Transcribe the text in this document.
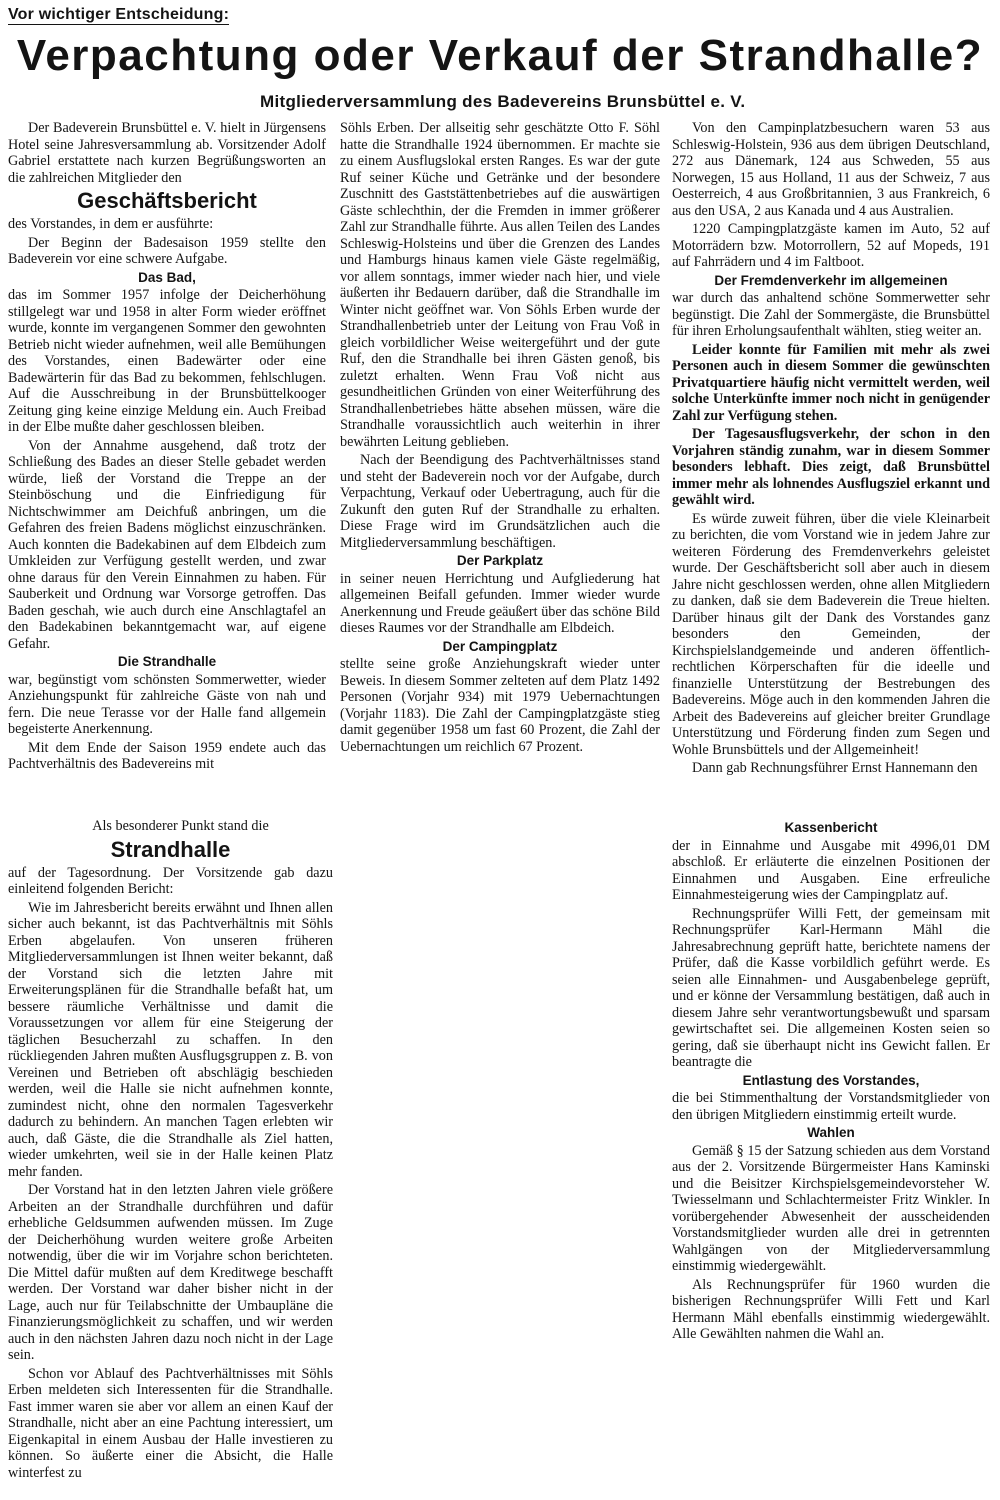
Vor wichtiger Entscheidung:
Verpachtung oder Verkauf der Strandhalle?
Mitgliederversammlung des Badevereins Brunsbüttel e. V.

Der Badeverein Brunsbüttel e. V. hielt in Jürgensens Hotel seine Jahresversammlung ab. Vorsitzender Adolf Gabriel erstattete nach kurzen Begrüßungsworten an die zahlreichen Mitglieder den

Geschäftsbericht

des Vorstandes, in dem er ausführte:

Der Beginn der Badesaison 1959 stellte den Badeverein vor eine schwere Aufgabe.

Das Bad,

das im Sommer 1957 infolge der Deicherhöhung stillgelegt war und 1958 in alter Form wieder eröffnet wurde, konnte im vergangenen Sommer den gewohnten Betrieb nicht wieder aufnehmen, weil alle Bemühungen des Vorstandes, einen Badewärter oder eine Badewärterin für das Bad zu bekommen, fehlschlugen. Auf die Ausschreibung in der Brunsbüttelkooger Zeitung ging keine einzige Meldung ein. Auch Freibad in der Elbe mußte daher geschlossen bleiben.

Von der Annahme ausgehend, daß trotz der Schließung des Bades an dieser Stelle gebadet werden würde, ließ der Vorstand die Treppe an der Steinböschung und die Einfriedigung für Nichtschwimmer am Deichfuß anbringen, um die Gefahren des freien Badens möglichst einzuschränken. Auch konnten die Badekabinen auf dem Elbdeich zum Umkleiden zur Verfügung gestellt werden, und zwar ohne daraus für den Verein Einnahmen zu haben. Für Sauberkeit und Ordnung war Vorsorge getroffen. Das Baden geschah, wie auch durch eine Anschlagtafel an den Badekabinen bekanntgemacht war, auf eigene Gefahr.

Die Strandhalle

war, begünstigt vom schönsten Sommerwetter, wieder Anziehungspunkt für zahlreiche Gäste von nah und fern. Die neue Terasse vor der Halle fand allgemein begeisterte Anerkennung.

Mit dem Ende der Saison 1959 endete auch das Pachtverhältnis des Badevereins mit

Söhls Erben. Der allseitig sehr geschätzte Otto F. Söhl hatte die Strandhalle 1924 übernommen. Er machte sie zu einem Ausflugslokal ersten Ranges. Es war der gute Ruf seiner Küche und Getränke und der besondere Zuschnitt des Gaststättenbetriebes auf die auswärtigen Gäste schlechthin, der die Fremden in immer größerer Zahl zur Strandhalle führte. Aus allen Teilen des Landes Schleswig-Holsteins und über die Grenzen des Landes und Hamburgs hinaus kamen viele Gäste regelmäßig, vor allem sonntags, immer wieder nach hier, und viele äußerten ihr Bedauern darüber, daß die Strandhalle im Winter nicht geöffnet war. Von Söhls Erben wurde der Strandhallenbetrieb unter der Leitung von Frau Voß in gleich vorbildlicher Weise weitergeführt und der gute Ruf, den die Strandhalle bei ihren Gästen genoß, bis zuletzt erhalten. Wenn Frau Voß nicht aus gesundheitlichen Gründen von einer Weiterführung des Strandhallenbetriebes hätte absehen müssen, wäre die Strandhalle voraussichtlich auch weiterhin in ihrer bewährten Leitung geblieben.

Nach der Beendigung des Pachtverhältnisses stand und steht der Badeverein noch vor der Aufgabe, durch Verpachtung, Verkauf oder Uebertragung, auch für die Zukunft den guten Ruf der Strandhalle zu erhalten. Diese Frage wird im Grundsätzlichen auch die Mitgliederversammlung beschäftigen.

Der Parkplatz

in seiner neuen Herrichtung und Aufgliederung hat allgemeinen Beifall gefunden. Immer wieder wurde Anerkennung und Freude geäußert über das schöne Bild dieses Raumes vor der Strandhalle am Elbdeich.

Der Campingplatz

stellte seine große Anziehungskraft wieder unter Beweis. In diesem Sommer zelteten auf dem Platz 1492 Personen (Vorjahr 934) mit 1979 Uebernachtungen (Vorjahr 1183). Die Zahl der Campingplatzgäste stieg damit gegenüber 1958 um fast 60 Prozent, die Zahl der Uebernachtungen um reichlich 67 Prozent.

Von den Campinplatzbesuchern waren 53 aus Schleswig-Holstein, 936 aus dem übrigen Deutschland, 272 aus Dänemark, 124 aus Schweden, 55 aus Norwegen, 15 aus Holland, 11 aus der Schweiz, 7 aus Oesterreich, 4 aus Großbritannien, 3 aus Frankreich, 6 aus den USA, 2 aus Kanada und 4 aus Australien.

1220 Campingplatzgäste kamen im Auto, 52 auf Motorrädern bzw. Motorrollern, 52 auf Mopeds, 191 auf Fahrrädern und 4 im Faltboot.

Der Fremdenverkehr im allgemeinen

war durch das anhaltend schöne Sommerwetter sehr begünstigt. Die Zahl der Sommergäste, die Brunsbüttel für ihren Erholungsaufenthalt wählten, stieg weiter an.

Leider konnte für Familien mit mehr als zwei Personen auch in diesem Sommer die gewünschten Privatquartiere häufig nicht vermittelt werden, weil solche Unterkünfte immer noch nicht in genügender Zahl zur Verfügung stehen.

Der Tagesausflugsverkehr, der schon in den Vorjahren ständig zunahm, war in diesem Sommer besonders lebhaft. Dies zeigt, daß Brunsbüttel immer mehr als lohnendes Ausflugsziel erkannt und gewählt wird.

Es würde zuweit führen, über die viele Kleinarbeit zu berichten, die vom Vorstand wie in jedem Jahre zur weiteren Förderung des Fremdenverkehrs geleistet wurde. Der Geschäftsbericht soll aber auch in diesem Jahre nicht geschlossen werden, ohne allen Mitgliedern zu danken, daß sie dem Badeverein die Treue hielten. Darüber hinaus gilt der Dank des Vorstandes ganz besonders den Gemeinden, der Kirchspielslandgemeinde und anderen öffentlich-rechtlichen Körperschaften für die ideelle und finanzielle Unterstützung der Bestrebungen des Badevereins. Möge auch in den kommenden Jahren die Arbeit des Badevereins auf gleicher breiter Grundlage Unterstützung und Förderung finden zum Segen und Wohle Brunsbüttels und der Allgemeinheit!

Dann gab Rechnungsführer Ernst Hannemann den

Als besonderer Punkt stand die

Strandhalle

auf der Tagesordnung. Der Vorsitzende gab dazu einleitend folgenden Bericht:

Wie im Jahresbericht bereits erwähnt und Ihnen allen sicher auch bekannt, ist das Pachtverhältnis mit Söhls Erben abgelaufen. Von unseren früheren Mitgliederversammlungen ist Ihnen weiter bekannt, daß der Vorstand sich die letzten Jahre mit Erweiterungsplänen für die Strandhalle befaßt hat, um bessere räumliche Verhältnisse und damit die Voraussetzungen vor allem für eine Steigerung der täglichen Besucherzahl zu schaffen. In den rückliegenden Jahren mußten Ausflugsgruppen z. B. von Vereinen und Betrieben oft abschlägig beschieden werden, weil die Halle sie nicht aufnehmen konnte, zumindest nicht, ohne den normalen Tagesverkehr dadurch zu behindern. An manchen Tagen erlebten wir auch, daß Gäste, die die Strandhalle als Ziel hatten, wieder umkehrten, weil sie in der Halle keinen Platz mehr fanden.

Der Vorstand hat in den letzten Jahren viele größere Arbeiten an der Strandhalle durchführen und dafür erhebliche Geldsummen aufwenden müssen. Im Zuge der Deicherhöhung wurden weitere große Arbeiten notwendig, über die wir im Vorjahre schon berichteten. Die Mittel dafür mußten auf dem Kreditwege beschafft werden. Der Vorstand war daher bisher nicht in der Lage, auch nur für Teilabschnitte der Umbaupläne die Finanzierungsmöglichkeit zu schaffen, und wir werden auch in den nächsten Jahren dazu noch nicht in der Lage sein.

Schon vor Ablauf des Pachtverhältnisses mit Söhls Erben meldeten sich Interessenten für die Strandhalle. Fast immer waren sie aber vor allem an einen Kauf der Strandhalle, nicht aber an eine Pachtung interessiert, um Eigenkapital in einem Ausbau der Halle investieren zu können. So äußerte einer die Absicht, die Halle winterfest zu

Kassenbericht

der in Einnahme und Ausgabe mit 4996,01 DM abschloß. Er erläuterte die einzelnen Positionen der Einnahmen und Ausgaben. Eine erfreuliche Einnahmesteigerung wies der Campingplatz auf.

Rechnungsprüfer Willi Fett, der gemeinsam mit Rechnungsprüfer Karl-Hermann Mähl die Jahresabrechnung geprüft hatte, berichtete namens der Prüfer, daß die Kasse vorbildlich geführt werde. Es seien alle Einnahmen- und Ausgabenbelege geprüft, und er könne der Versammlung bestätigen, daß auch in diesem Jahre sehr verantwortungsbewußt und sparsam gewirtschaftet sei. Die allgemeinen Kosten seien so gering, daß sie überhaupt nicht ins Gewicht fallen. Er beantragte die

Entlastung des Vorstandes,

die bei Stimmenthaltung der Vorstandsmitglieder von den übrigen Mitgliedern einstimmig erteilt wurde.

Wahlen

Gemäß § 15 der Satzung schieden aus dem Vorstand aus der 2. Vorsitzende Bürgermeister Hans Kaminski und die Beisitzer Kirchspielsgemeindevorsteher W. Twiesselmann und Schlachtermeister Fritz Winkler. In vorübergehender Abwesenheit der ausscheidenden Vorstandsmitglieder wurden alle drei in getrennten Wahlgängen von der Mitgliederversammlung einstimmig wiedergewählt.

Als Rechnungsprüfer für 1960 wurden die bisherigen Rechnungsprüfer Willi Fett und Karl Hermann Mähl ebenfalls einstimmig wiedergewählt. Alle Gewählten nahmen die Wahl an.
